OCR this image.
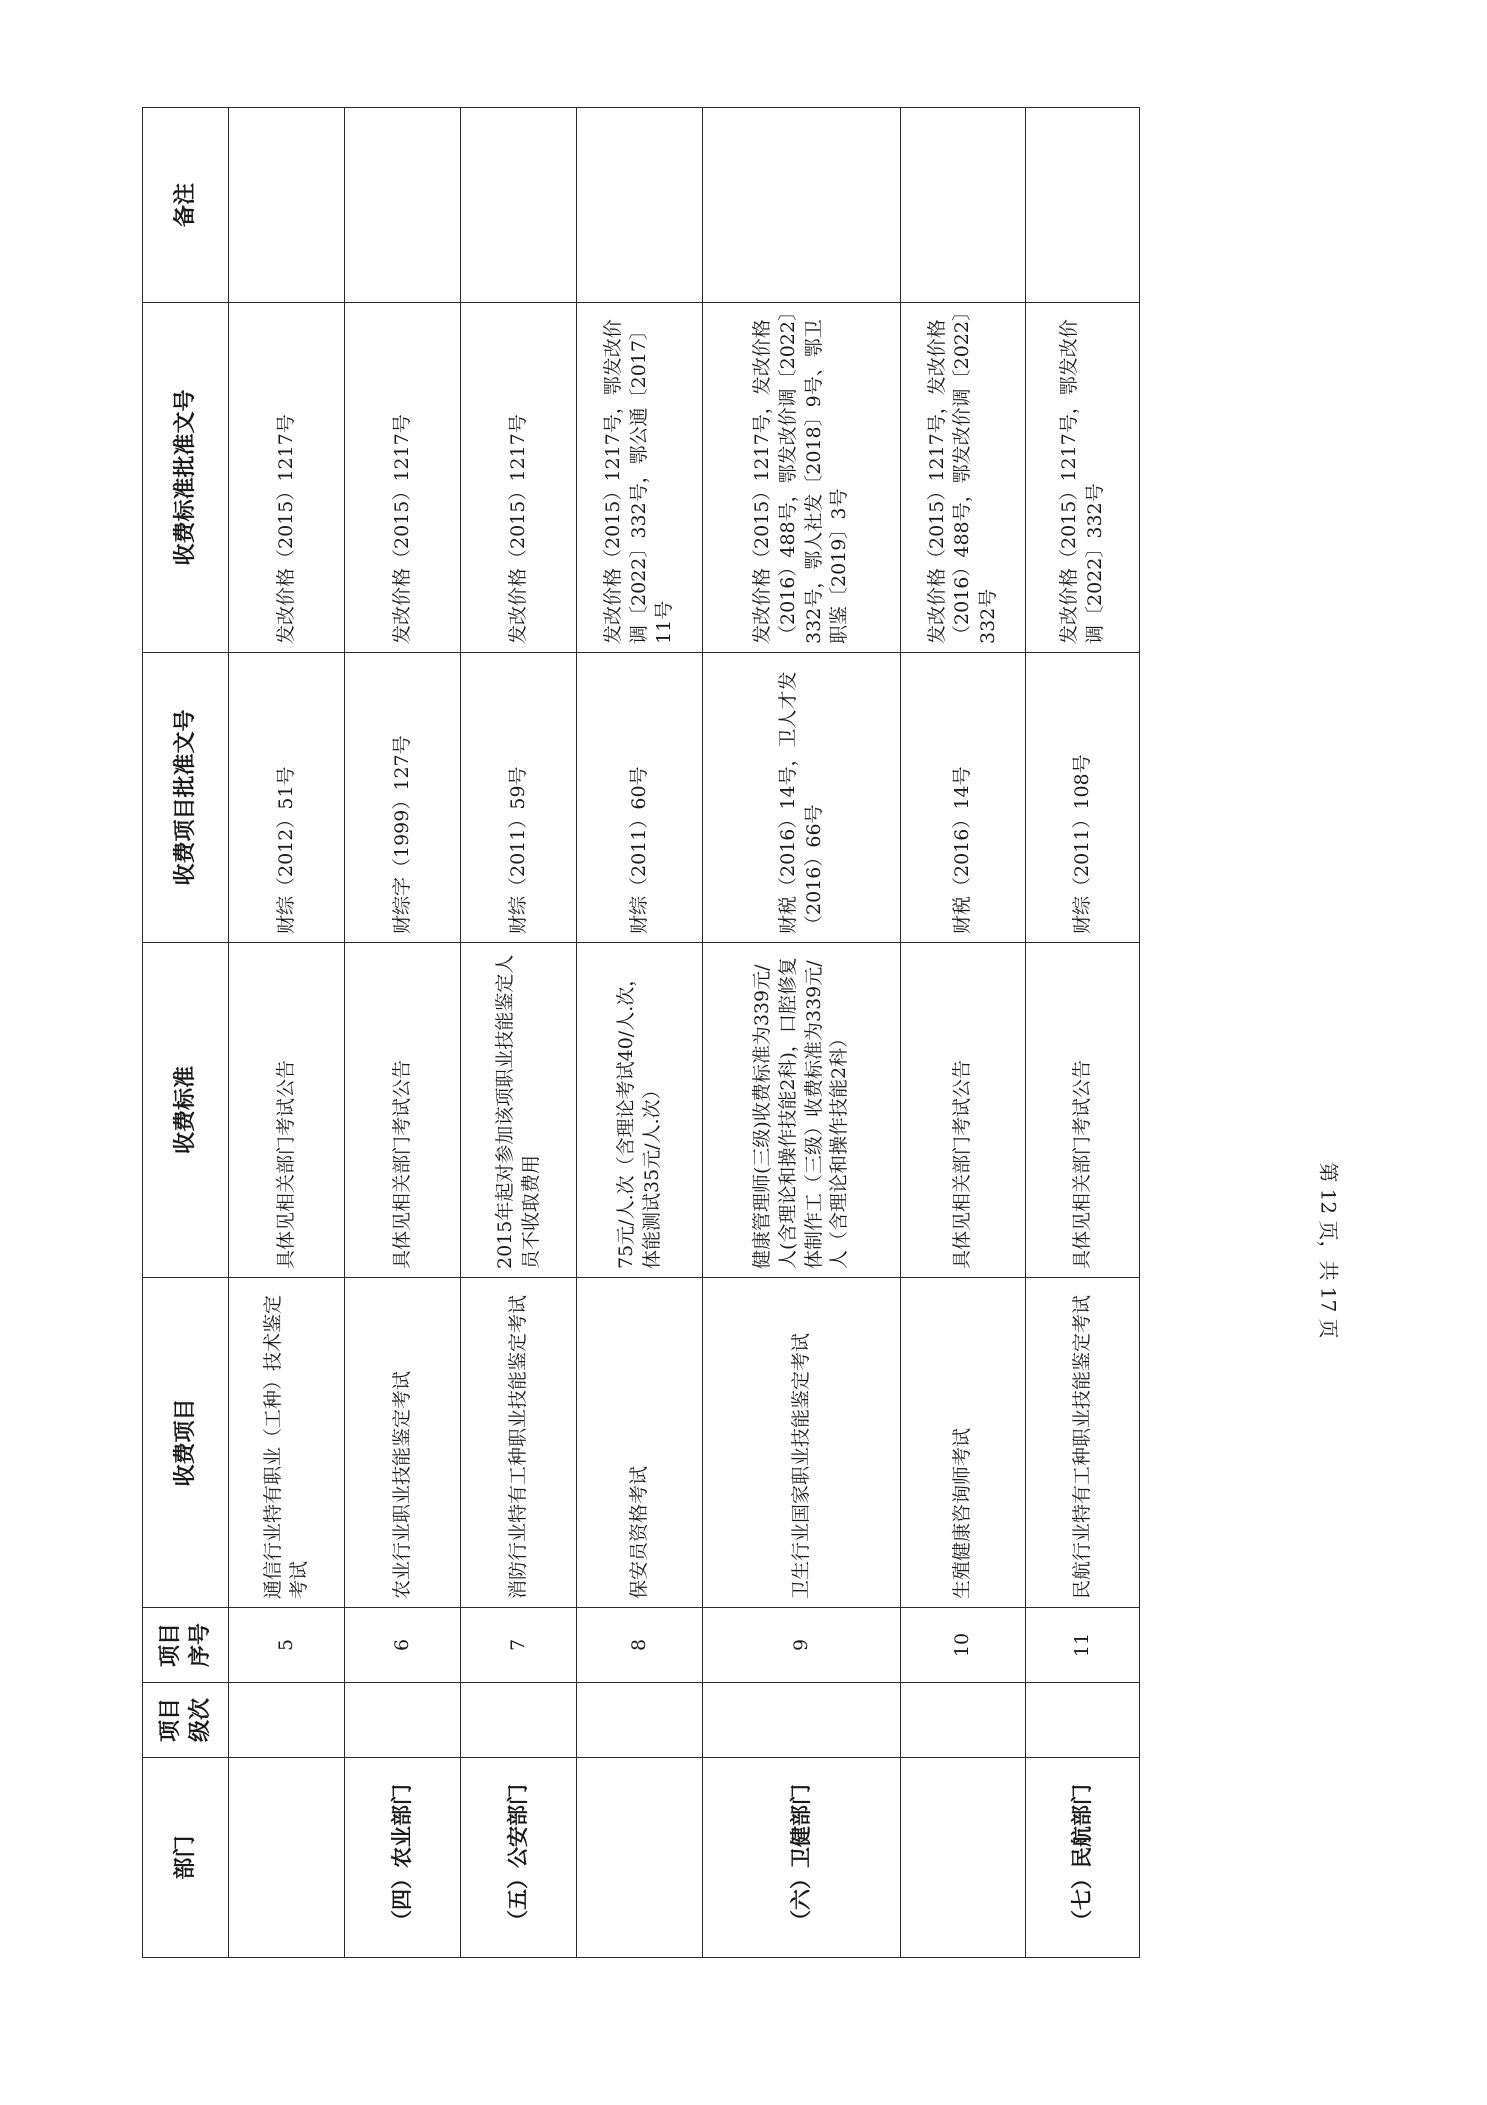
部门	项目级次	项目序号	收费项目	收费标准	收费项目批准文号	收费标准批准文号	备注
		5	通信行业特有职业（工种）技术鉴定考试	具体见相关部门考试公告	财综（2012）51号	发改价格（2015）1217号	
（四）农业部门		6	农业行业职业技能鉴定考试	具体见相关部门考试公告	财综字（1999）127号	发改价格（2015）1217号	
（五）公安部门		7	消防行业特有工种职业技能鉴定考试	2015年起对参加该项职业技能鉴定人员不收取费用	财综（2011）59号	发改价格（2015）1217号	
		8	保安员资格考试	75元/人.次（含理论考试40/人.次，体能测试35元/人.次）	财综（2011）60号	发改价格（2015）1217号，鄂发改价调〔2022〕332号，鄂公通〔2017〕11号	
（六）卫健部门		9	卫生行业国家职业技能鉴定考试	健康管理师(三级)收费标准为339元/人(含理论和操作技能2科)，口腔修复体制作工（三级）收费标准为339元/人（含理论和操作技能2科）	财税（2016）14号，卫人才发（2016）66号	发改价格（2015）1217号，发改价格（2016）488号，鄂发改价调〔2022〕332号，鄂人社发〔2018〕9号、鄂卫职鉴〔2019〕3号	
		10	生殖健康咨询师考试	具体见相关部门考试公告	财税（2016）14号	发改价格（2015）1217号，发改价格（2016）488号，鄂发改价调〔2022〕332号	
（七）民航部门		11	民航行业特有工种职业技能鉴定考试	具体见相关部门考试公告	财综（2011）108号	发改价格（2015）1217号，鄂发改价调〔2022〕332号	
第 12 页，共 17 页
